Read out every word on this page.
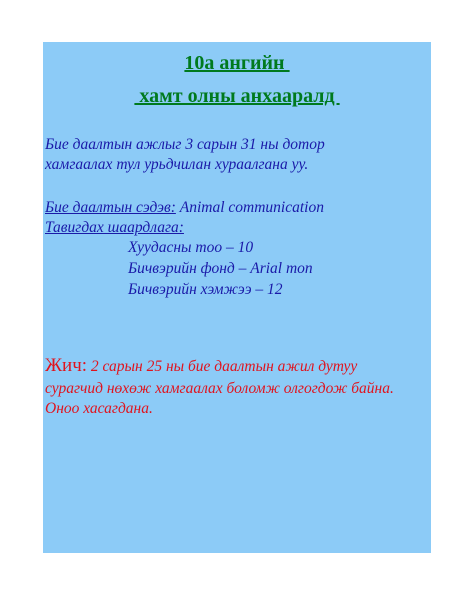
10а ангийн
хамт олны анхааралд
Бие даалтын ажлыг 3 сарын 31 ны дотор
хамгаалах тул урьдчилан хураалгана уу.
Бие даалтын сэдэв: Animal communication
Тавигдах шаардлага:
Хуудасны тоо – 10
Бичвэрийн фонд – Arial топ
Бичвэрийн хэмжээ – 12
Жич: 2 сарын 25 ны бие даалтын ажил дутуу
сурагчид нөхөж хамгаалах боломж олгогдож байна.
Оноо хасагдана.
